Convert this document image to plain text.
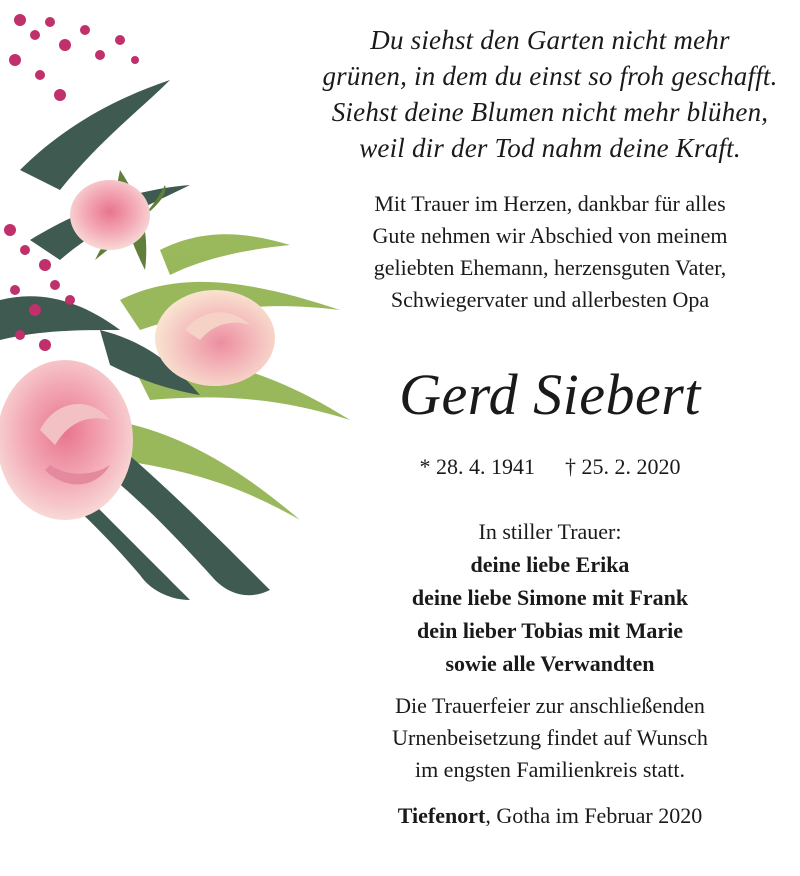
Du siehst den Garten nicht mehr
grünen, in dem du einst so froh geschafft.
Siehst deine Blumen nicht mehr blühen,
weil dir der Tod nahm deine Kraft.
Mit Trauer im Herzen, dankbar für alles
Gute nehmen wir Abschied von meinem
geliebten Ehemann, herzensguten Vater,
Schwiegervater und allerbesten Opa
Gerd Siebert
* 28. 4. 1941 † 25. 2. 2020
In stiller Trauer:
deine liebe Erika
deine liebe Simone mit Frank
dein lieber Tobias mit Marie
sowie alle Verwandten
Die Trauerfeier zur anschließenden
Urnenbeisetzung findet auf Wunsch
im engsten Familienkreis statt.
Tiefenort, Gotha im Februar 2020
